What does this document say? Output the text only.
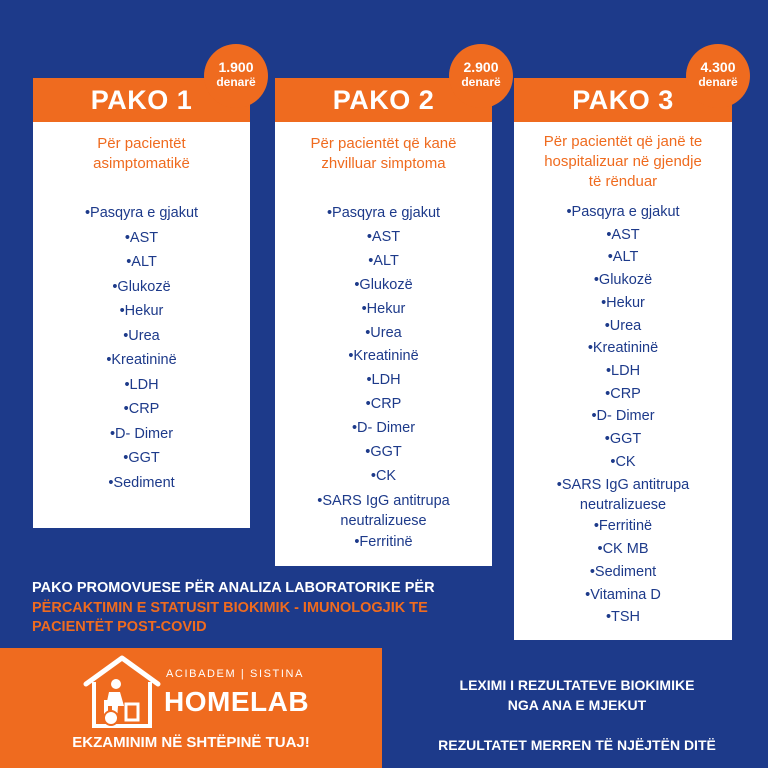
PAKO 1
Për pacientët
asimptomatikë
•Pasqyra e gjakut
•AST
•ALT
•Glukozë
•Hekur
•Urea
•Kreatininë
•LDH
•CRP
•D- Dimer
•GGT
•Sediment
1.900
denarë
PAKO 2
Për pacientët që kanë
zhvilluar simptoma
•Pasqyra e gjakut
•AST
•ALT
•Glukozë
•Hekur
•Urea
•Kreatininë
•LDH
•CRP
•D- Dimer
•GGT
•CK
•SARS IgG antitrupa
neutralizuese
•Ferritinë
2.900
denarë
PAKO 3
Për pacientët që janë te
hospitalizuar në gjendje
të rënduar
•Pasqyra e gjakut
•AST
•ALT
•Glukozë
•Hekur
•Urea
•Kreatininë
•LDH
•CRP
•D- Dimer
•GGT
•CK
•SARS IgG antitrupa
neutralizuese
•Ferritinë
•CK MB
•Sediment
•Vitamina D
•TSH
4.300
denarë
PAKO PROMOVUESE PËR ANALIZA LABORATORIKE PËR
PËRCAKTIMIN E STATUSIT BIOKIMIK - IMUNOLOGJIK TE PACIENTËT POST-COVID
ACIBADEM | SISTINA
HOMELAB
EKZAMINIM NË SHTËPINË TUAJ!
LEXIMI I REZULTATEVE BIOKIMIKE
NGA ANA E MJEKUT
REZULTATET MERREN TË NJËJTËN DITË
